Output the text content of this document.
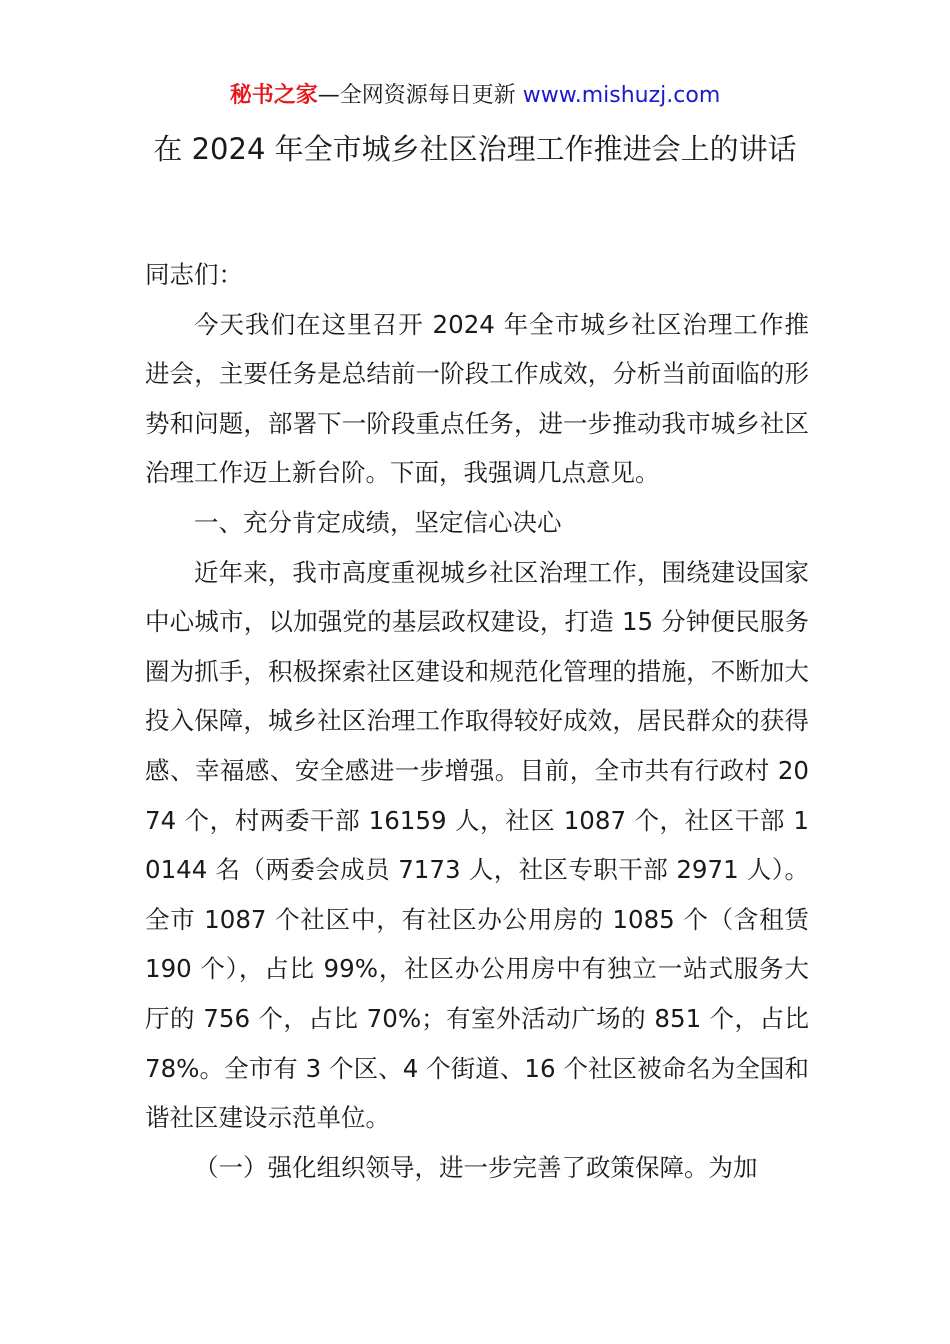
秘书之家—全网资源每日更新 www.mishuzj.com
在 2024 年全市城乡社区治理工作推进会上的讲话

同志们：

今天我们在这里召开 2024 年全市城乡社区治理工作推进会，主要任务是总结前一阶段工作成效，分析当前面临的形势和问题，部署下一阶段重点任务，进一步推动我市城乡社区治理工作迈上新台阶。下面，我强调几点意见。

一、充分肯定成绩，坚定信心决心

近年来，我市高度重视城乡社区治理工作，围绕建设国家中心城市，以加强党的基层政权建设，打造 15 分钟便民服务圈为抓手，积极探索社区建设和规范化管理的措施，不断加大投入保障，城乡社区治理工作取得较好成效，居民群众的获得感、幸福感、安全感进一步增强。目前，全市共有行政村 2074 个，村两委干部 16159 人，社区 1087 个，社区干部 10144 名（两委会成员 7173 人，社区专职干部 2971 人）。全市 1087 个社区中，有社区办公用房的 1085 个（含租赁 190 个），占比 99%，社区办公用房中有独立一站式服务大厅的 756 个，占比 70%；有室外活动广场的 851 个，占比 78%。全市有 3 个区、4 个街道、16 个社区被命名为全国和谐社区建设示范单位。

（一）强化组织领导，进一步完善了政策保障。为加
